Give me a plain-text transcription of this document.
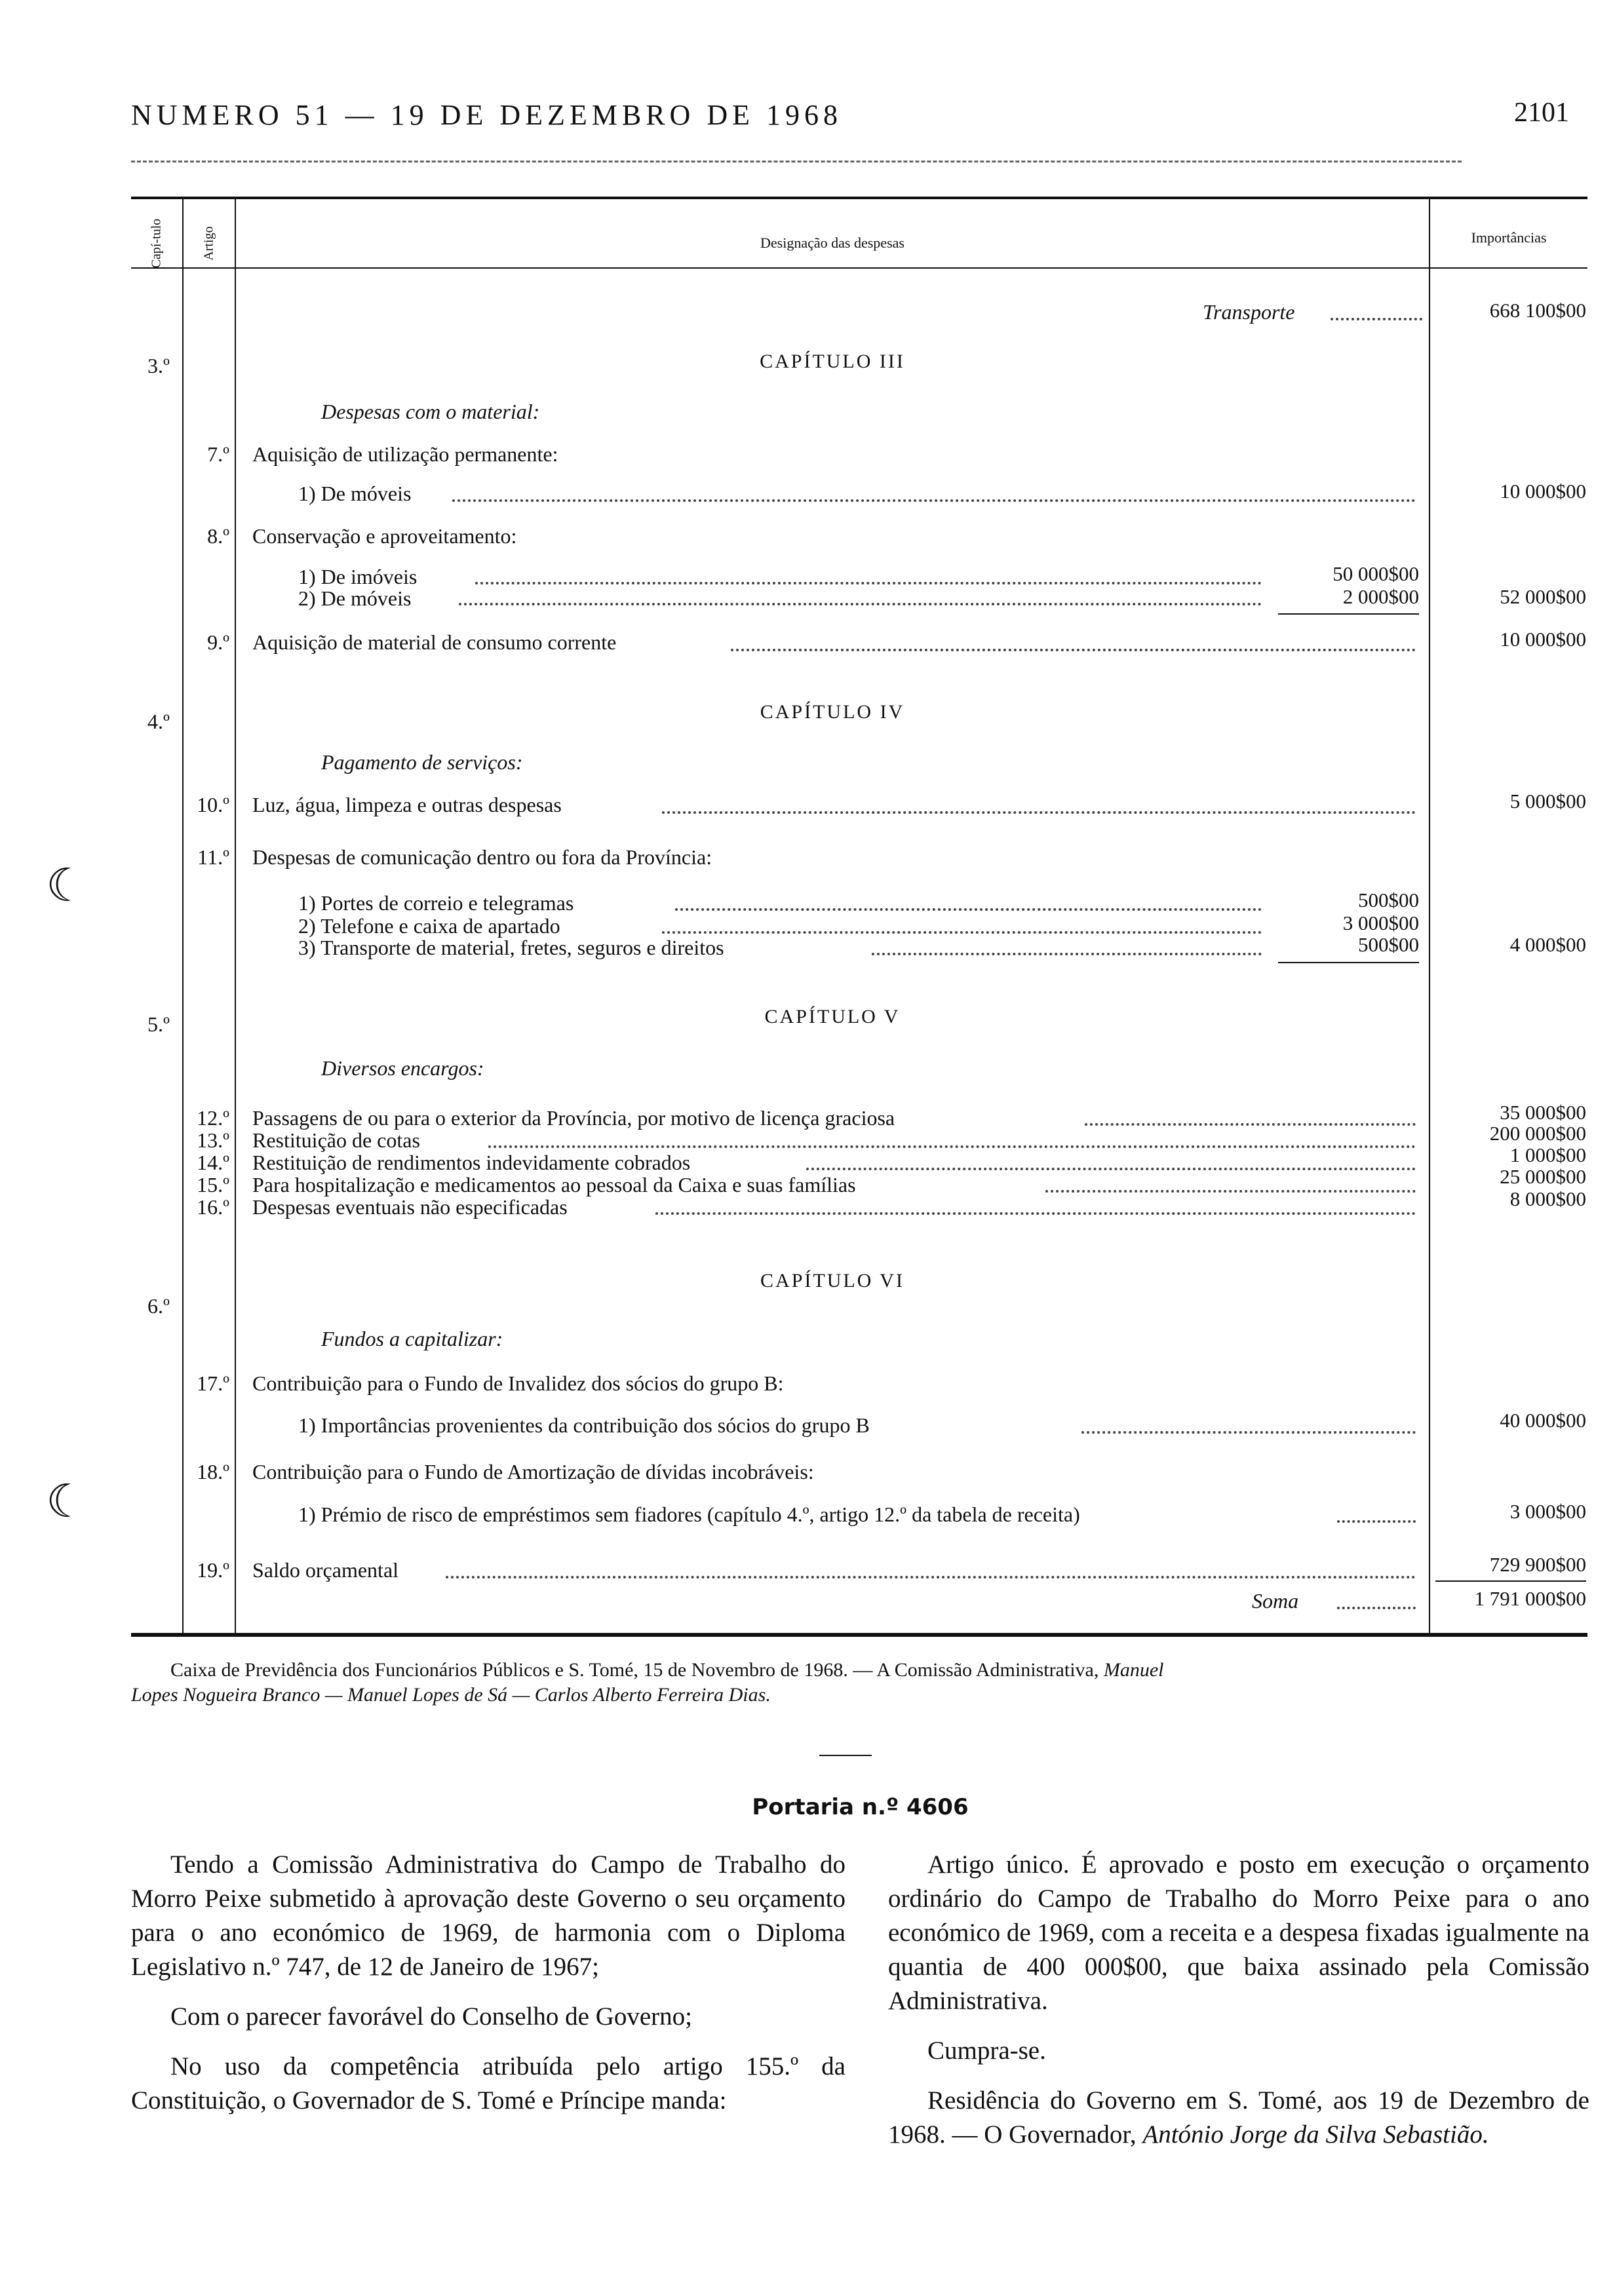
NUMERO 51 — 19 DE DEZEMBRO DE 1968	2101
Capí-tulo	Artigo	Designação das despesas	Importâncias
Transporte	668 100$00
3.º	CAPÍTULO III
Despesas com o material:
7.º Aquisição de utilização permanente:
1) De móveis	10 000$00
8.º Conservação e aproveitamento:
1) De imóveis	50 000$00
2) De móveis	2 000$00	52 000$00
9.º Aquisição de material de consumo corrente	10 000$00
4.º	CAPÍTULO IV
Pagamento de serviços:
10.º Luz, água, limpeza e outras despesas	5 000$00
11.º Despesas de comunicação dentro ou fora da Província:
1) Portes de correio e telegramas	500$00
2) Telefone e caixa de apartado	3 000$00
3) Transporte de material, fretes, seguros e direitos	500$00	4 000$00
5.º	CAPÍTULO V
Diversos encargos:
12.º Passagens de ou para o exterior da Província, por motivo de licença graciosa	35 000$00
13.º Restituição de cotas	200 000$00
14.º Restituição de rendimentos indevidamente cobrados	1 000$00
15.º Para hospitalização e medicamentos ao pessoal da Caixa e suas famílias	25 000$00
16.º Despesas eventuais não especificadas	8 000$00
6.º
CAPÍTULO VI
Fundos a capitalizar:
17.º Contribuição para o Fundo de Invalidez dos sócios do grupo B:
1) Importâncias provenientes da contribuição dos sócios do grupo B	40 000$00
18.º Contribuição para o Fundo de Amortização de dívidas incobráveis:
1) Prémio de risco de empréstimos sem fiadores (capítulo 4.º, artigo 12.º da tabela de receita)	3 000$00
19.º Saldo orçamental	729 900$00
Soma	1 791 000$00
Caixa de Previdência dos Funcionários Públicos e S. Tomé, 15 de Novembro de 1968. — A Comissão Administrativa, Manuel
Lopes Nogueira Branco — Manuel Lopes de Sá — Carlos Alberto Ferreira Dias.
Portaria n.º 4606

Tendo a Comissão Administrativa do Campo de Trabalho do Morro Peixe submetido à aprovação deste Governo o seu orçamento para o ano económico de 1969, de harmonia com o Diploma Legislativo n.º 747, de 12 de Janeiro de 1967;

Com o parecer favorável do Conselho de Governo;

No uso da competência atribuída pelo artigo 155.º da Constituição, o Governador de S. Tomé e Príncipe manda:

Artigo único. É aprovado e posto em execução o orçamento ordinário do Campo de Trabalho do Morro Peixe para o ano económico de 1969, com a receita e a despesa fixadas igualmente na quantia de 400 000$00, que baixa assinado pela Comissão Administrativa.

Cumpra-se.

Residência do Governo em S. Tomé, aos 19 de Dezembro de 1968. — O Governador, António Jorge da Silva Sebastião.

☾
☾
